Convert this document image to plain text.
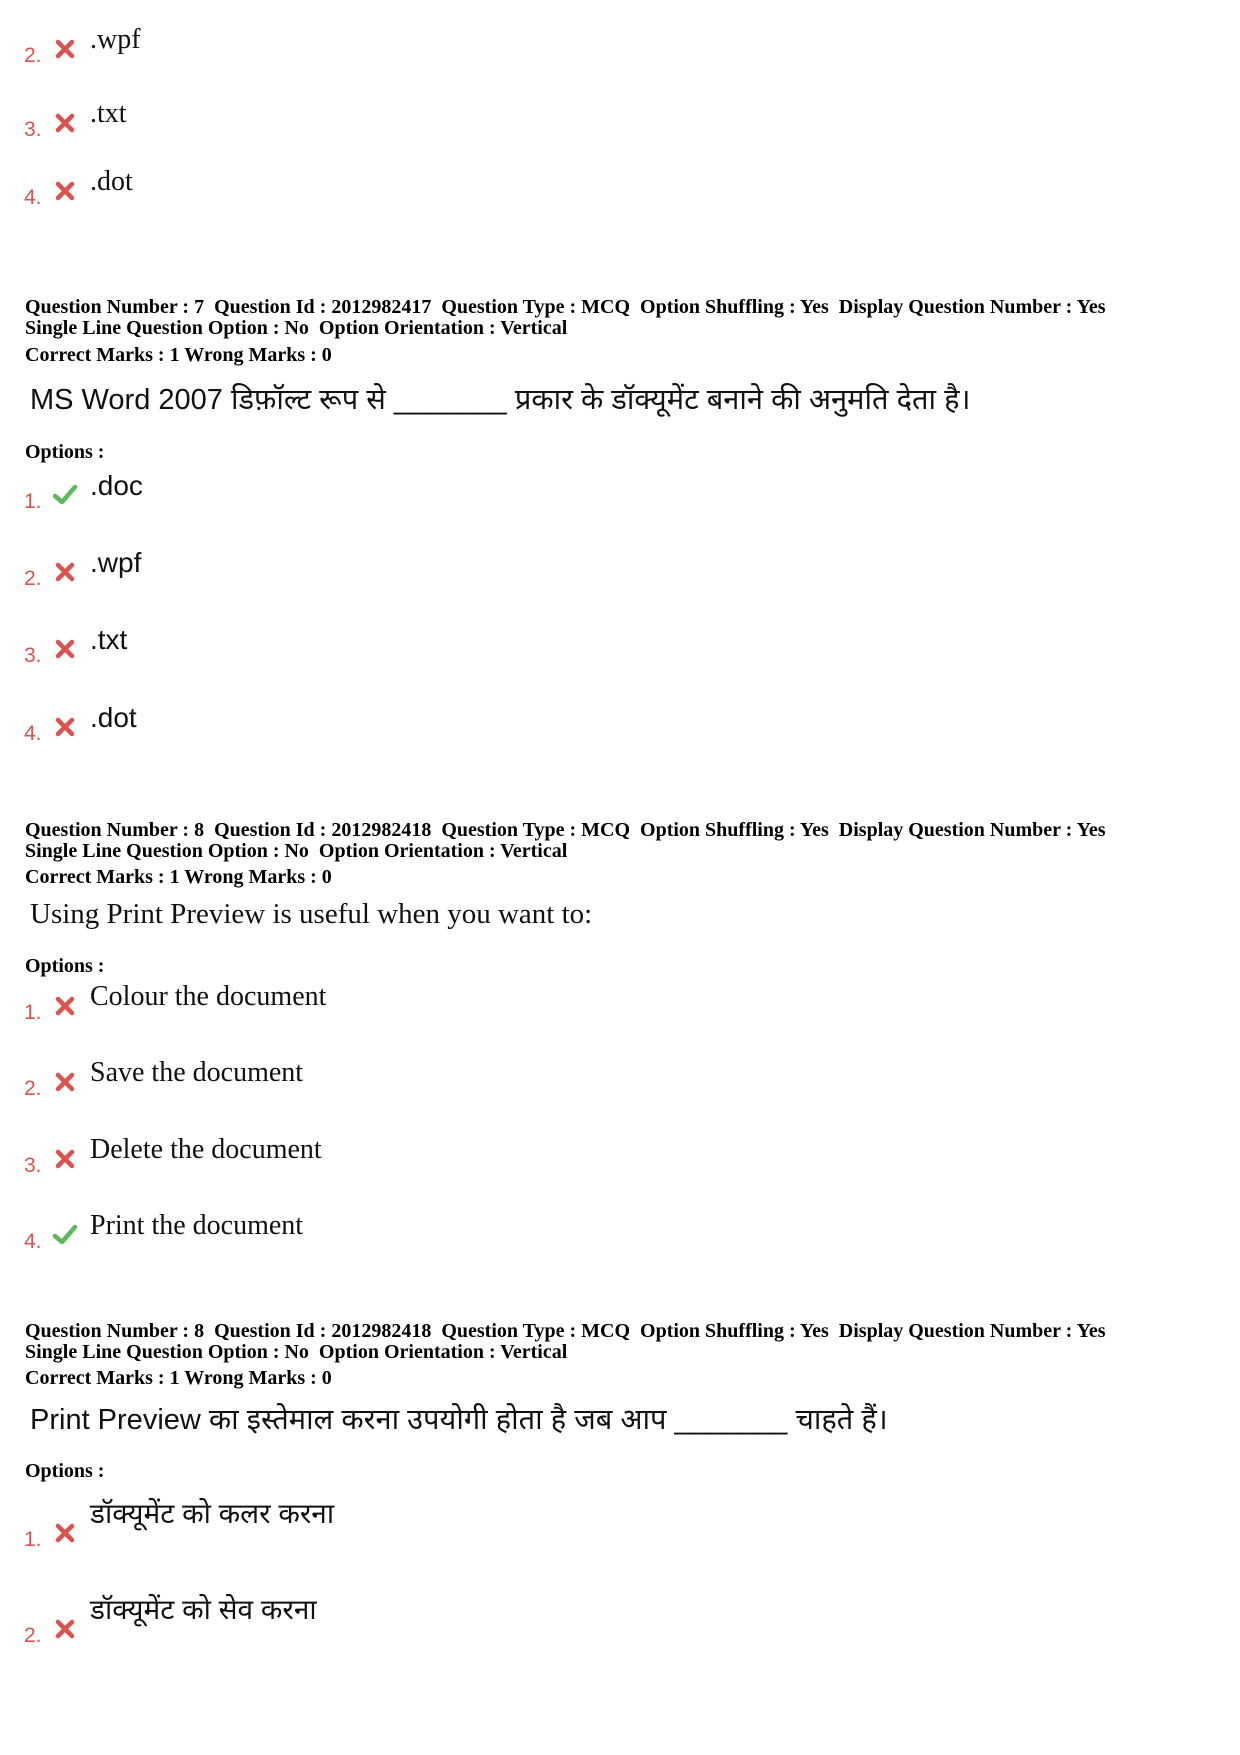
2.
.wpf
3.
.txt
4.
.dot
Question Number : 7  Question Id : 2012982417  Question Type : MCQ  Option Shuffling : Yes  Display Question Number : Yes
Single Line Question Option : No  Option Orientation : Vertical
Correct Marks : 1 Wrong Marks : 0
MS Word 2007 डिफ़ॉल्ट रूप से _______ प्रकार के डॉक्यूमेंट बनाने की अनुमति देता है।
Options :
1.
.doc
2.
.wpf
3.
.txt
4.
.dot
Question Number : 8  Question Id : 2012982418  Question Type : MCQ  Option Shuffling : Yes  Display Question Number : Yes
Single Line Question Option : No  Option Orientation : Vertical
Correct Marks : 1 Wrong Marks : 0
Using Print Preview is useful when you want to:
Options :
1.
Colour the document
2.
Save the document
3.
Delete the document
4.
Print the document
Question Number : 8  Question Id : 2012982418  Question Type : MCQ  Option Shuffling : Yes  Display Question Number : Yes
Single Line Question Option : No  Option Orientation : Vertical
Correct Marks : 1 Wrong Marks : 0
Print Preview का इस्तेमाल करना उपयोगी होता है जब आप _______ चाहते हैं।
Options :
1.
डॉक्यूमेंट को कलर करना
2.
डॉक्यूमेंट को सेव करना
